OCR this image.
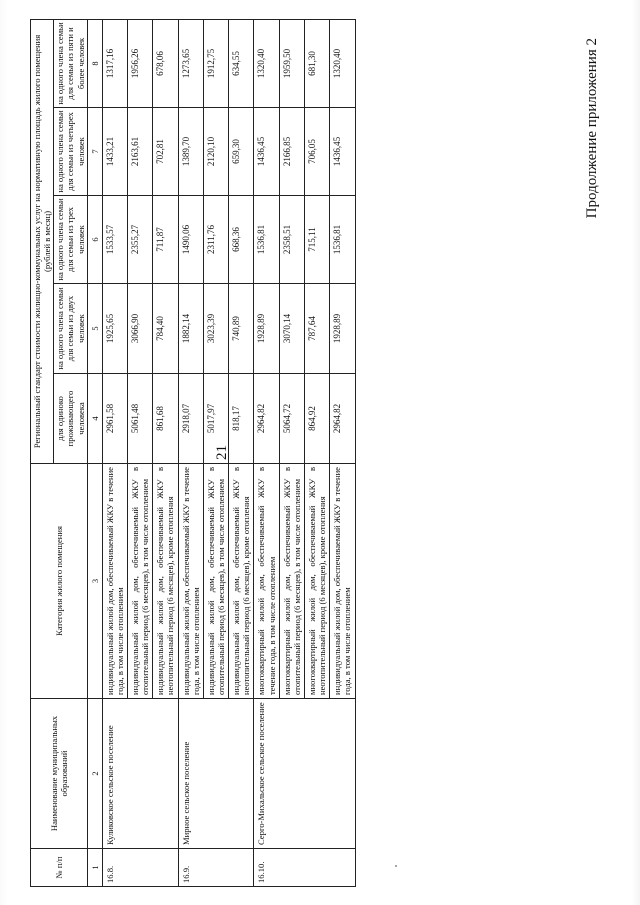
21
Продолжение приложения 2
№ п/п	Наименование муниципальных образований	Категория жилого помещения	Региональный стандарт стоимости жилищно-коммунальных услуг на нормативную площадь жилого помещения (рублей в месяц)				
			для одиноко проживающего человека	на одного члена семьи для семьи из двух человек	на одного члена семьи для семьи из трех человек	на одного члена семьи для семьи из четырех человек	на одного члена семьи для семьи из пяти и более человек
1	2	3	4	5	6	7	8
16.8.	Куликовское сельское поселение	индивидуальный жилой дом, обеспечиваемый ЖКУ в течение года, в том числе отоплением	2961,58	1925,65	1533,57	1433,21	1317,16
		индивидуальный жилой дом, обеспечиваемый ЖКУ в отопительный период (6 месяцев), в том числе отоплением	5061,48	3066,90	2355,27	2163,61	1956,26
		индивидуальный жилой дом, обеспечиваемый ЖКУ в неотопительный период (6 месяцев), кроме отопления	861,68	784,40	711,87	702,81	678,06
16.9.	Мирное сельское поселение	индивидуальный жилой дом, обеспечиваемый ЖКУ в течение года, в том числе отоплением	2918,07	1882,14	1490,06	1389,70	1273,65
		индивидуальный жилой дом, обеспечиваемый ЖКУ в отопительный период (6 месяцев), в том числе отоплением	5017,97	3023,39	2311,76	2120,10	1912,75
		индивидуальный жилой дом, обеспечиваемый ЖКУ в неотопительный период (6 месяцев), кроме отопления	818,17	740,89	668,36	659,30	634,55
16.10.	Серго-Михальское сельское поселение	многоквартирный жилой дом, обеспечиваемый ЖКУ в течение года, в том числе отоплением	2964,82	1928,89	1536,81	1436,45	1320,40
		многоквартирный жилой дом, обеспечиваемый ЖКУ в отопительный период (6 месяцев), в том числе отоплением	5064,72	3070,14	2358,51	2166,85	1959,50
		многоквартирный жилой дом, обеспечиваемый ЖКУ в неотопительный период (6 месяцев), кроме отопления	864,92	787,64	715,11	706,05	681,30
		индивидуальный жилой дом, обеспечиваемый ЖКУ в течение года, в том числе отоплением	2964,82	1928,89	1536,81	1436,45	1320,40
